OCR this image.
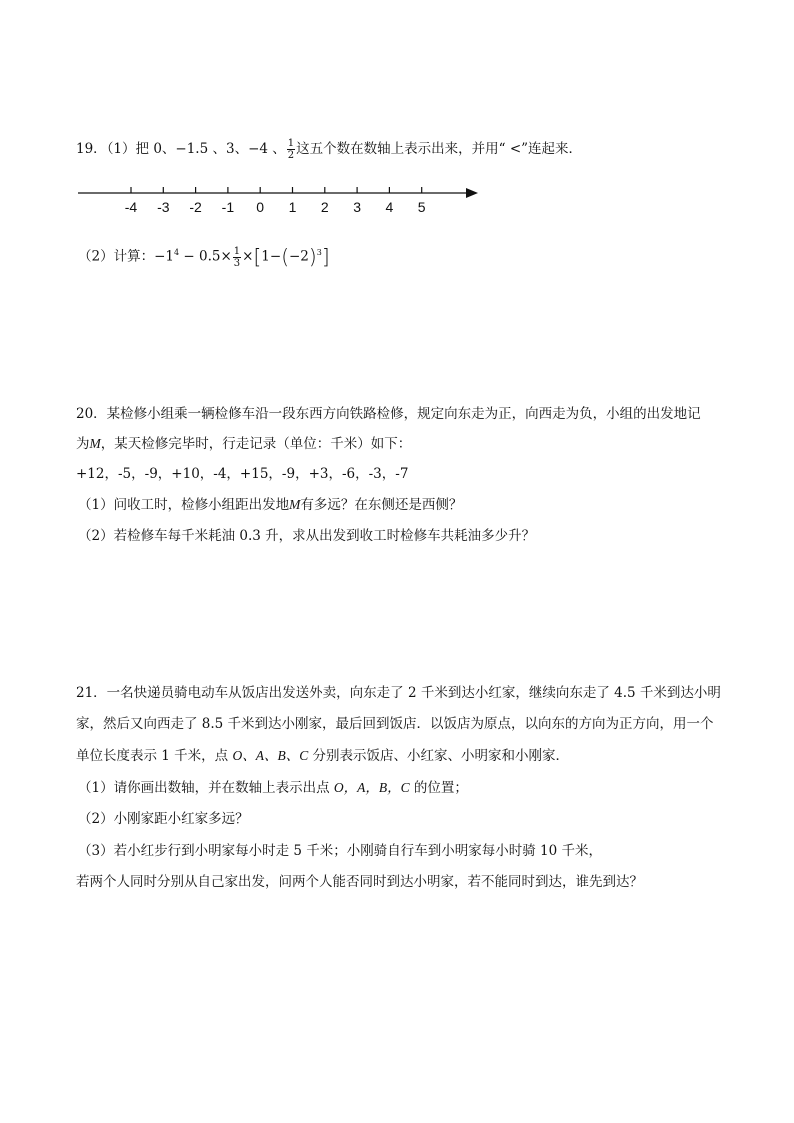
19．（1）把 0、−1.5 、3、−4 、 $\frac{1}{2}$ 这五个数在数轴上表示出来，并用“ <”连起来．
-4 -3 -2 -1 0 1 2 3 4 5
（2）计算：$-1^4 - 0.5\times \frac{1}{3} \times[1-(-2)^3]$
20．某检修小组乘一辆检修车沿一段东西方向铁路检修，规定向东走为正，向西走为负，小组的出发地记
为M，某天检修完毕时，行走记录（单位：千米）如下：
+12，-5，-9，+10，-4，+15，-9，+3，-6，-3，-7
（1）问收工时，检修小组距出发地M有多远？在东侧还是西侧？
（2）若检修车每千米耗油 0.3 升，求从出发到收工时检修车共耗油多少升？
21．一名快递员骑电动车从饭店出发送外卖，向东走了 2 千米到达小红家，继续向东走了 4.5 千米到达小明
家，然后又向西走了 8.5 千米到达小刚家，最后回到饭店．以饭店为原点，以向东的方向为正方向，用一个
单位长度表示 1 千米，点 O、A、B、C 分别表示饭店、小红家、小明家和小刚家．
（1）请你画出数轴，并在数轴上表示出点 O，A，B，C 的位置；
（2）小刚家距小红家多远？
（3）若小红步行到小明家每小时走 5 千米；小刚骑自行车到小明家每小时骑 10 千米，
若两个人同时分别从自己家出发，问两个人能否同时到达小明家，若不能同时到达，谁先到达？
